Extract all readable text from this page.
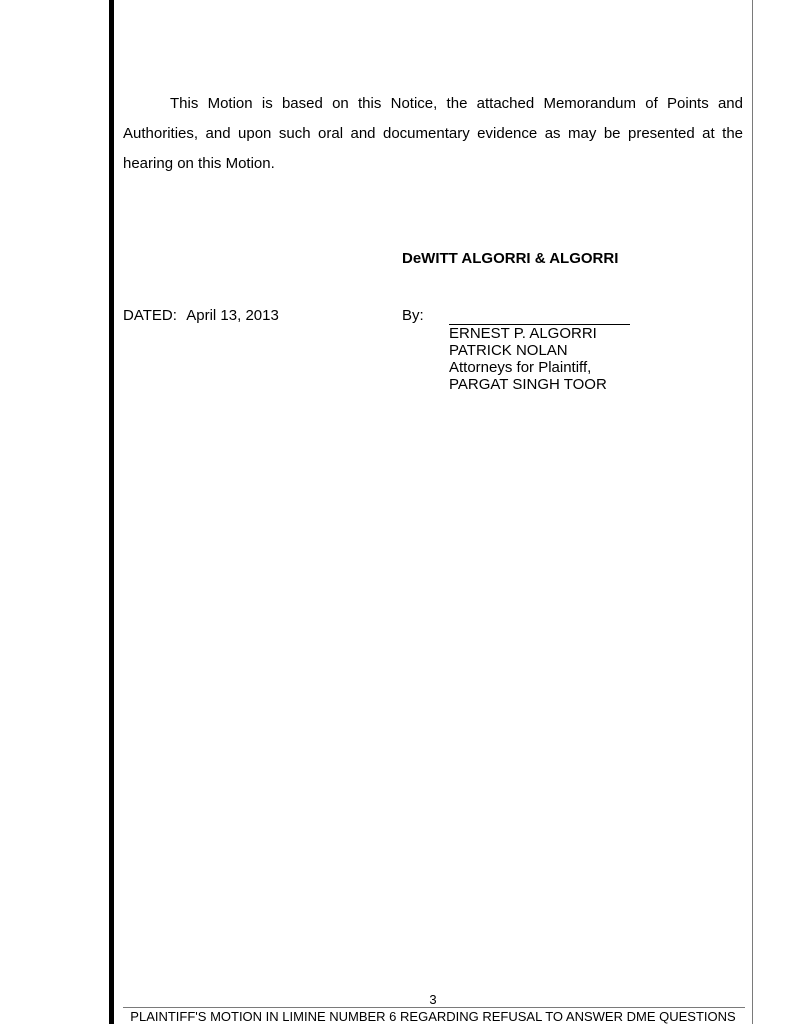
This Motion is based on this Notice, the attached Memorandum of Points and Authorities, and upon such oral and documentary evidence as may be presented at the hearing on this Motion.

DeWITT ALGORRI & ALGORRI
DATED: April 13, 2013	By:
ERNEST P. ALGORRI
PATRICK NOLAN
Attorneys for Plaintiff,
PARGAT SINGH TOOR
3
PLAINTIFF'S MOTION IN LIMINE NUMBER 6 REGARDING REFUSAL TO ANSWER DME QUESTIONS
